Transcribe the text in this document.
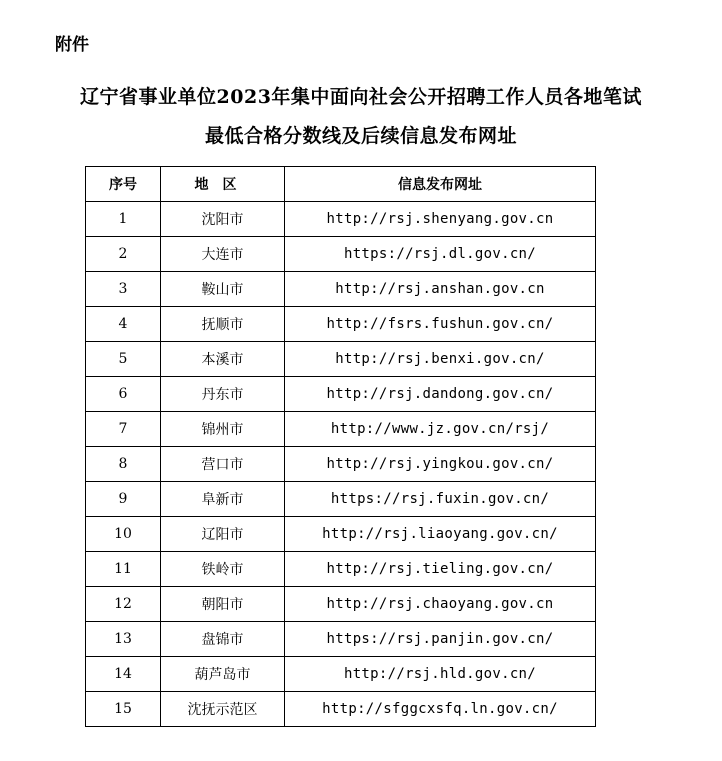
附件
辽宁省事业单位2023年集中面向社会公开招聘工作人员各地笔试
最低合格分数线及后续信息发布网址
序号	地区	信息发布网址
1	沈阳市	http://rsj.shenyang.gov.cn
2	大连市	https://rsj.dl.gov.cn/
3	鞍山市	http://rsj.anshan.gov.cn
4	抚顺市	http://fsrs.fushun.gov.cn/
5	本溪市	http://rsj.benxi.gov.cn/
6	丹东市	http://rsj.dandong.gov.cn/
7	锦州市	http://www.jz.gov.cn/rsj/
8	营口市	http://rsj.yingkou.gov.cn/
9	阜新市	https://rsj.fuxin.gov.cn/
10	辽阳市	http://rsj.liaoyang.gov.cn/
11	铁岭市	http://rsj.tieling.gov.cn/
12	朝阳市	http://rsj.chaoyang.gov.cn
13	盘锦市	https://rsj.panjin.gov.cn/
14	葫芦岛市	http://rsj.hld.gov.cn/
15	沈抚示范区	http://sfggcxsfq.ln.gov.cn/
